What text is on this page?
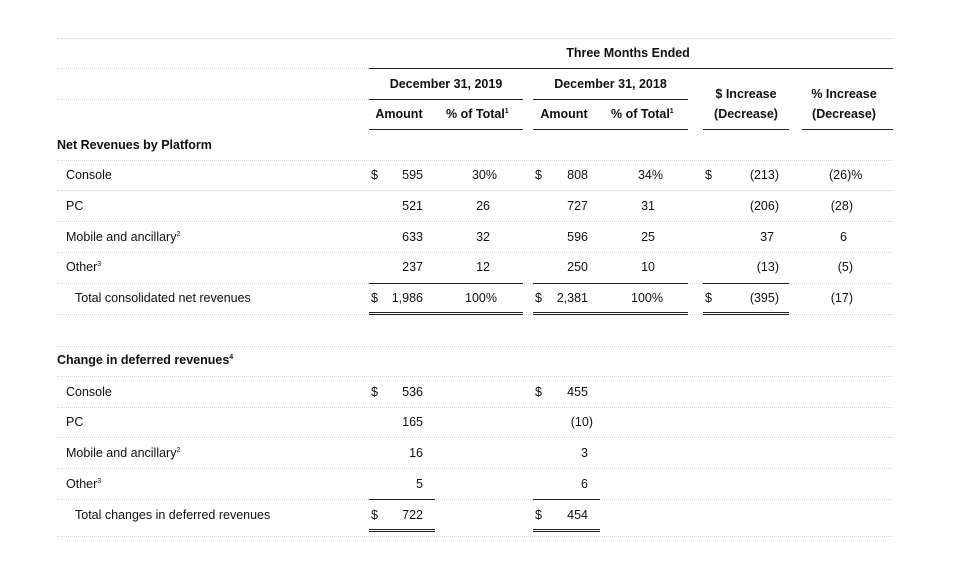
Three Months Ended
December 31, 2019	December 31, 2018
$ Increase
(Decrease)
% Increase
(Decrease)
Amount	% of Total$^1$	Amount	% of Total$^1$
Net Revenues by Platform
Console	$	595	30%	$	808	34%	$	(213)	(26)%
PC	521	26	727	31	(206)	(28)
Mobile and ancillary$^2$	633	32	596	25	37	6
Other$^3$	237	12	250	10	(13)	(5)
Total consolidated net revenues	$	1,986	100%	$	2,381	100%	$	(395)	(17)
Change in deferred revenues$^4$
Console	$	536	$	455
PC	165	(10)
Mobile and ancillary$^2$	16	3
Other$^3$	5	6
Total changes in deferred revenues	$	722	$	454
